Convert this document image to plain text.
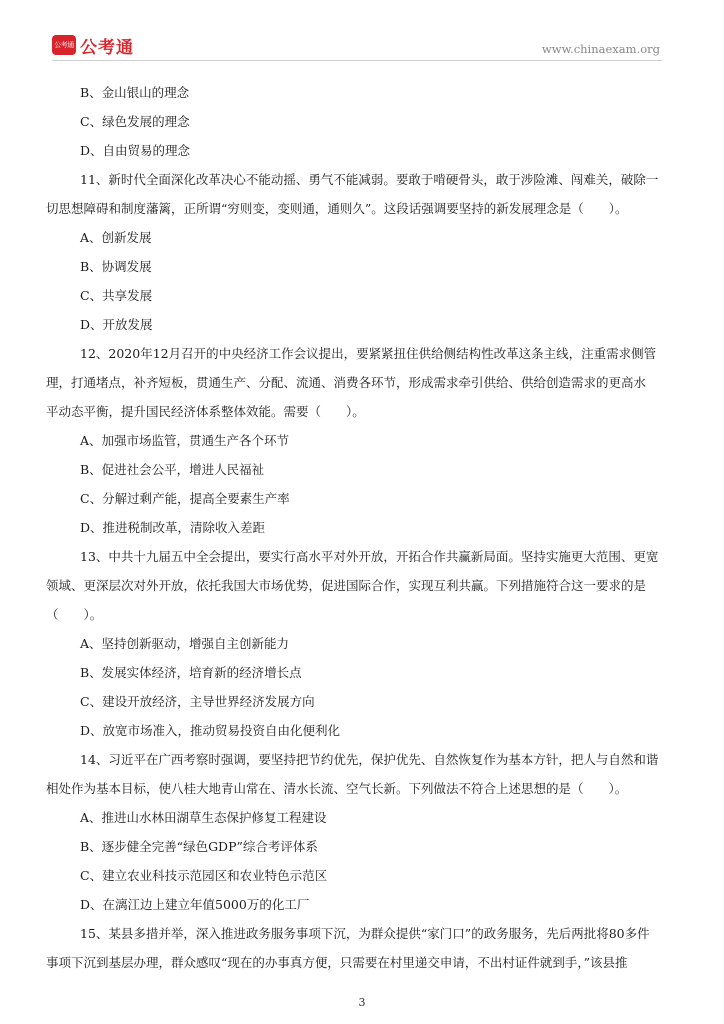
公考通 公考通	www.chinaexam.org
B、金山银山的理念
C、绿色发展的理念
D、自由贸易的理念
11、新时代全面深化改革决心不能动摇、勇气不能减弱。要敢于啃硬骨头，敢于涉险滩、闯难关，破除一
切思想障碍和制度藩篱，正所谓“穷则变，变则通，通则久”。这段话强调要坚持的新发展理念是（　　）。
A、创新发展
B、协调发展
C、共享发展
D、开放发展
12、2020年12月召开的中央经济工作会议提出，要紧紧扭住供给侧结构性改革这条主线，注重需求侧管
理，打通堵点，补齐短板，贯通生产、分配、流通、消费各环节，形成需求牵引供给、供给创造需求的更高水
平动态平衡，提升国民经济体系整体效能。需要（　　）。
A、加强市场监管，贯通生产各个环节
B、促进社会公平，增进人民福祉
C、分解过剩产能，提高全要素生产率
D、推进税制改革，清除收入差距
13、中共十九届五中全会提出，要实行高水平对外开放，开拓合作共赢新局面。坚持实施更大范围、更宽
领域、更深层次对外开放，依托我国大市场优势，促进国际合作，实现互利共赢。下列措施符合这一要求的是
（　　）。
A、坚持创新驱动，增强自主创新能力
B、发展实体经济，培育新的经济增长点
C、建设开放经济，主导世界经济发展方向
D、放宽市场准入，推动贸易投资自由化便利化
14、习近平在广西考察时强调，要坚持把节约优先，保护优先、自然恢复作为基本方针，把人与自然和谐
相处作为基本目标，使八桂大地青山常在、清水长流、空气长新。下列做法不符合上述思想的是（　　）。
A、推进山水林田湖草生态保护修复工程建设
B、逐步健全完善“绿色GDP”综合考评体系
C、建立农业科技示范园区和农业特色示范区
D、在漓江边上建立年值5000万的化工厂
15、某县多措并举，深入推进政务服务事项下沉，为群众提供“家门口”的政务服务，先后两批将80多件
事项下沉到基层办理，群众感叹“现在的办事真方便，只需要在村里递交申请，不出村证件就到手，”该县推
3
